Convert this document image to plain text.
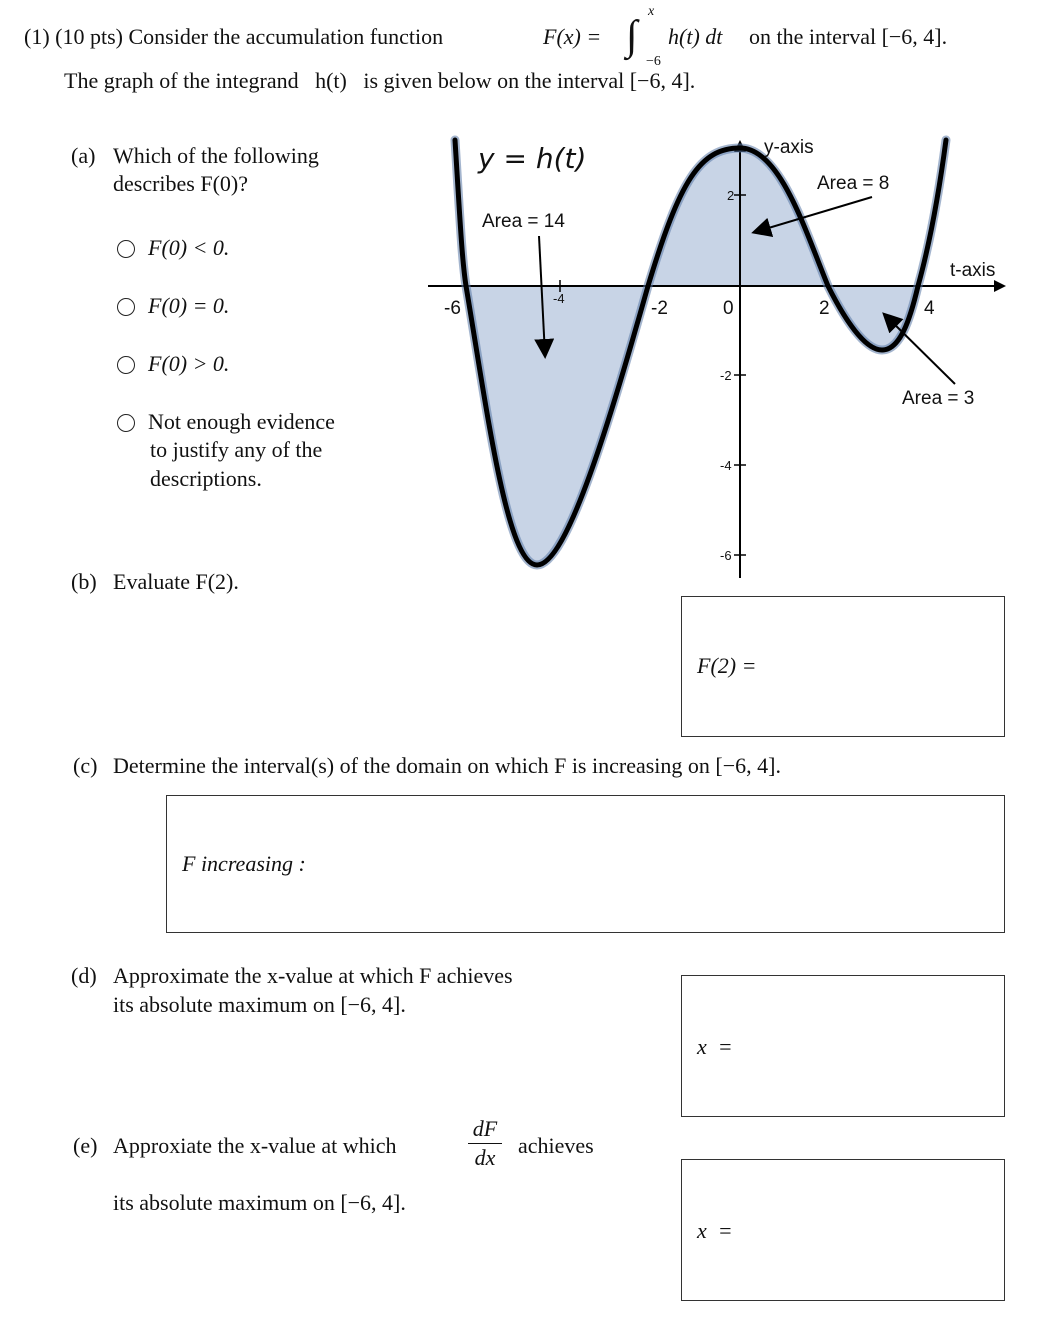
(1) (10 pts) Consider the accumulation function	F(x) = ∫
x
−6
h(t) dt on the interval [−6, 4].
The graph of the integrand   h(t)   is given below on the interval [−6, 4].
(a) Which of the following
describes F(0)?
F(0) < 0.
F(0) = 0.
F(0) > 0.
Not enough evidence
to justify any of the
descriptions.
y = h(t)	y-axis
t-axis
Area = 14
Area = 8
Area = 3
-6	-4	-2	0	2	4
2
-2
-4
-6
(b) Evaluate F(2).
F(2) =
(c) Determine the interval(s) of the domain on which F is increasing on [−6, 4].
F increasing :
(d) Approximate the x-value at which F achieves
its absolute maximum on [−6, 4].
x  =
(e) Approxiate the x-value at which
dF
dx	achieves
its absolute maximum on [−6, 4].
x  =
